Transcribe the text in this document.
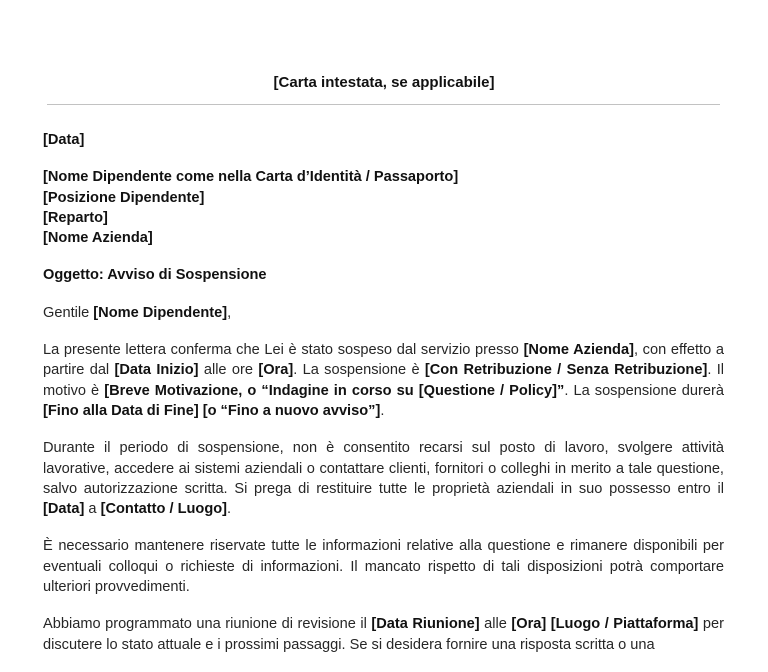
[Carta intestata, se applicabile]

[Data]

[Nome Dipendente come nella Carta d’Identità / Passaporto]
[Posizione Dipendente]
[Reparto]
[Nome Azienda]

Oggetto: Avviso di Sospensione

Gentile [Nome Dipendente],

La presente lettera conferma che Lei è stato sospeso dal servizio presso [Nome Azienda], con effetto a partire dal [Data Inizio] alle ore [Ora]. La sospensione è [Con Retribuzione / Senza Retribuzione]. Il motivo è [Breve Motivazione, o “Indagine in corso su [Questione / Policy]”. La sospensione durerà [Fino alla Data di Fine] [o “Fino a nuovo avviso”].

Durante il periodo di sospensione, non è consentito recarsi sul posto di lavoro, svolgere attività lavorative, accedere ai sistemi aziendali o contattare clienti, fornitori o colleghi in merito a tale questione, salvo autorizzazione scritta. Si prega di restituire tutte le proprietà aziendali in suo possesso entro il [Data] a [Contatto / Luogo].

È necessario mantenere riservate tutte le informazioni relative alla questione e rimanere disponibili per eventuali colloqui o richieste di informazioni. Il mancato rispetto di tali disposizioni potrà comportare ulteriori provvedimenti.

Abbiamo programmato una riunione di revisione il [Data Riunione] alle [Ora] [Luogo / Piattaforma] per discutere lo stato attuale e i prossimi passaggi. Se si desidera fornire una risposta scritta o una
